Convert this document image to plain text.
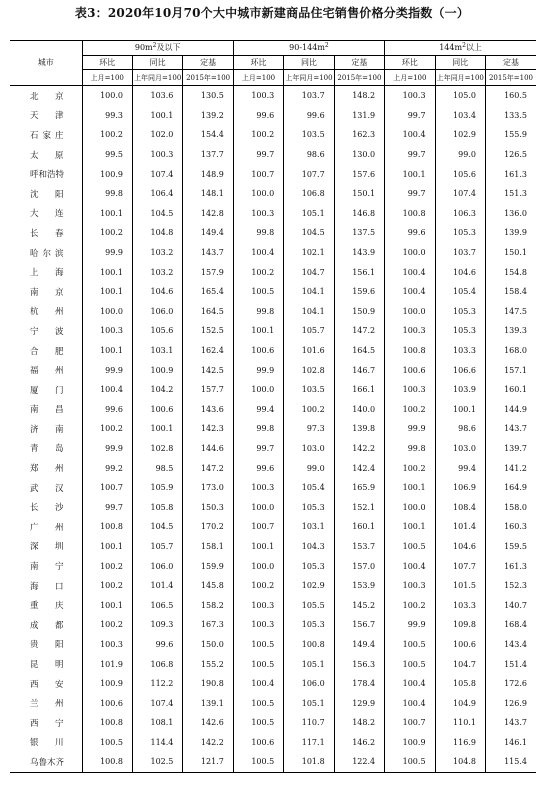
表3：2020年10月70个大中城市新建商品住宅销售价格分类指数（一）
城市	$90m^2$及以下			$90-144m^2$			$144m^2$以上		
	环比	同比	定基	环比	同比	定基	环比	同比	定基
	上月=100	上年同月=100	2015年=100	上月=100	上年同月=100	2015年=100	上月=100	上年同月=100	2015年=100
北京	100.0	103.6	130.5	100.3	103.7	148.2	100.3	105.0	160.5
天津	99.3	100.1	139.2	99.6	99.6	131.9	99.7	103.4	133.5
石家庄	100.2	102.0	154.4	100.2	103.5	162.3	100.4	102.9	155.9
太原	99.5	100.3	137.7	99.7	98.6	130.0	99.7	99.0	126.5
呼和浩特	100.9	107.4	148.9	100.7	107.7	157.6	100.1	105.6	161.3
沈阳	99.8	106.4	148.1	100.0	106.8	150.1	99.7	107.4	151.3
大连	100.1	104.5	142.8	100.3	105.1	146.8	100.8	106.3	136.0
长春	100.2	104.8	149.4	99.8	104.5	137.5	99.6	105.3	139.9
哈尔滨	99.9	103.2	143.7	100.4	102.1	143.9	100.0	103.7	150.1
上海	100.1	103.2	157.9	100.2	104.7	156.1	100.4	104.6	154.8
南京	100.1	104.6	165.4	100.5	104.1	159.6	100.4	105.4	158.4
杭州	100.0	106.0	164.5	99.8	104.1	150.9	100.0	105.3	147.5
宁波	100.3	105.6	152.5	100.1	105.7	147.2	100.3	105.3	139.3
合肥	100.1	103.1	162.4	100.6	101.6	164.5	100.8	103.3	168.0
福州	99.9	100.9	142.5	99.9	102.8	146.7	100.6	106.6	157.1
厦门	100.4	104.2	157.7	100.0	103.5	166.1	100.3	103.9	160.1
南昌	99.6	100.6	143.6	99.4	100.2	140.0	100.2	100.1	144.9
济南	100.2	100.1	142.3	99.8	97.3	139.8	99.9	98.6	143.7
青岛	99.9	102.8	144.6	99.7	103.0	142.2	99.8	103.0	139.7
郑州	99.2	98.5	147.2	99.6	99.0	142.4	100.2	99.4	141.2
武汉	100.7	105.9	173.0	100.3	105.4	165.9	100.1	106.9	164.9
长沙	99.7	105.8	150.3	100.0	105.3	152.1	100.0	108.4	158.0
广州	100.8	104.5	170.2	100.7	103.1	160.1	100.1	101.4	160.3
深圳	100.1	105.7	158.1	100.1	104.3	153.7	100.5	104.6	159.5
南宁	100.2	106.0	159.9	100.0	105.3	157.0	100.4	107.7	161.3
海口	100.2	101.4	145.8	100.2	102.9	153.9	100.3	101.5	152.3
重庆	100.1	106.5	158.2	100.3	105.5	145.2	100.2	103.3	140.7
成都	100.2	109.3	167.3	100.3	105.3	156.7	99.9	109.8	168.4
贵阳	100.3	99.6	150.0	100.5	100.8	149.4	100.5	100.6	143.4
昆明	101.9	106.8	155.2	100.5	105.1	156.3	100.5	104.7	151.4
西安	100.9	112.2	190.8	100.4	106.0	178.4	100.4	105.8	172.6
兰州	100.6	107.4	139.1	100.5	105.1	129.9	100.4	104.9	126.9
西宁	100.8	108.1	142.6	100.5	110.7	148.2	100.7	110.1	143.7
银川	100.5	114.4	142.2	100.6	117.1	146.2	100.9	116.9	146.1
乌鲁木齐	100.8	102.5	121.7	100.5	101.8	122.4	100.5	104.8	115.4
